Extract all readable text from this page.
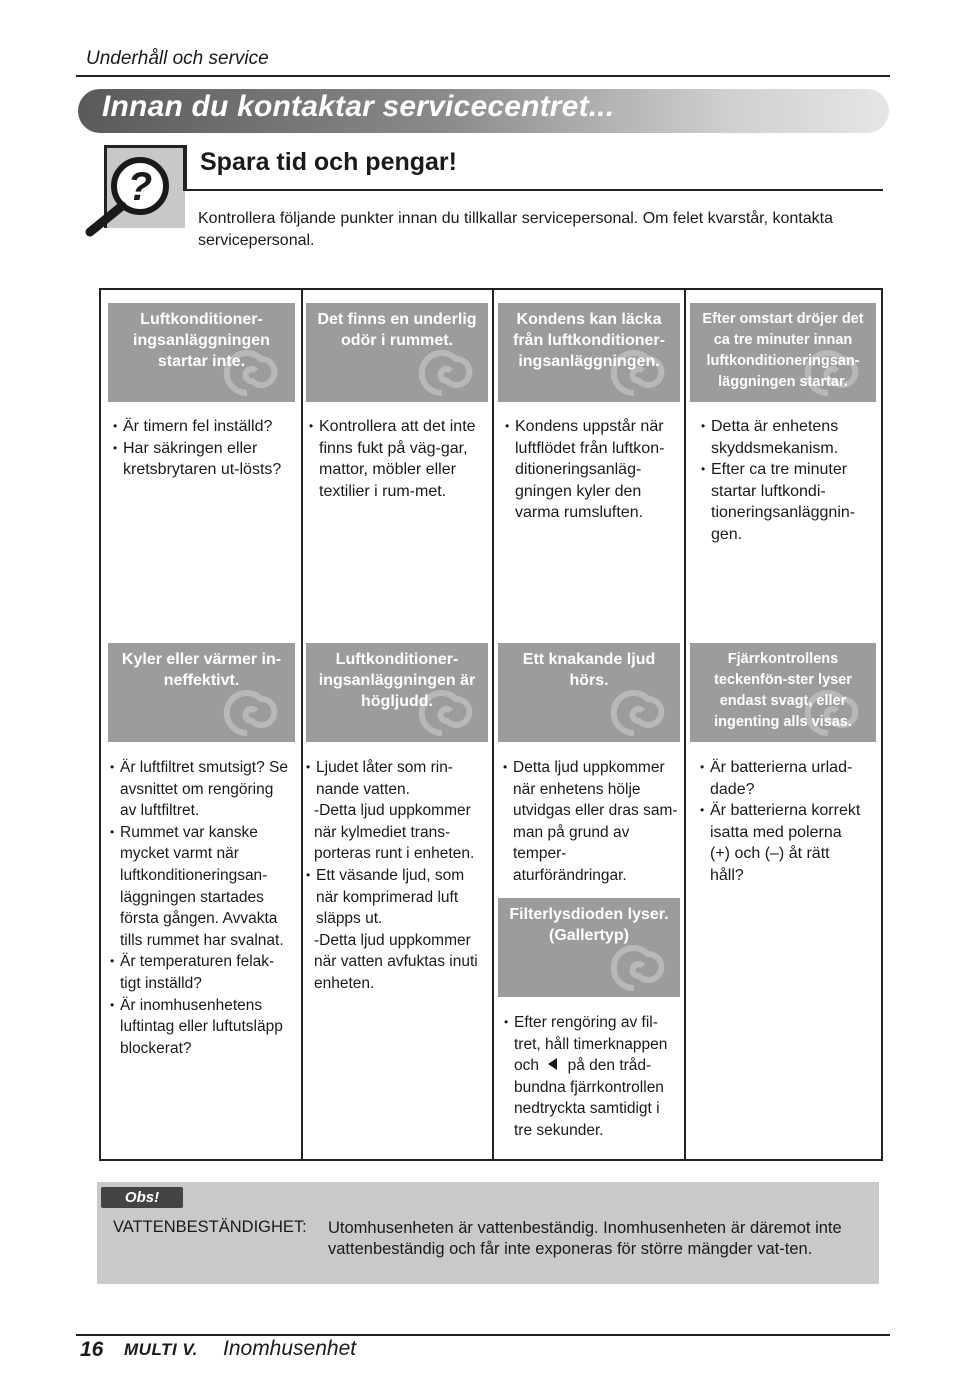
Underhåll och service
Innan du kontaktar servicecentret...
?
Spara tid och pengar!
Kontrollera följande punkter innan du tillkallar servicepersonal. Om felet kvarstår, kontakta servicepersonal.
Luftkonditioner-ingsanläggningen startar inte.
Det finns en underlig odör i rummet.
Kondens kan läcka från luftkonditioner-ingsanläggningen.
Efter omstart dröjer det ca tre minuter innan luftkonditioneringsan-läggningen startar.
• Är timern fel inställd?
• Har säkringen eller kretsbrytaren ut-lösts?
• Kontrollera att det inte finns fukt på väg-gar, mattor, möbler eller textilier i rum-met.
• Kondens uppstår när luftflödet från luftkon-ditioneringsanläg-gningen kyler den varma rumsluften.
• Detta är enhetens skyddsmekanism.
• Efter ca tre minuter startar luftkondi-tioneringsanläggnin-gen.
Kyler eller värmer in-neffektivt.
Luftkonditioner-ingsanläggningen är högljudd.
Ett knakande ljud hörs.
Fjärrkontrollens teckenfön-ster lyser endast svagt, eller ingenting alls visas.
• Är luftfiltret smutsigt? Se avsnittet om rengöring av luftfiltret.
• Rummet var kanske mycket varmt när luftkonditioneringsan-läggningen startades första gången. Avvakta tills rummet har svalnat.
• Är temperaturen felak-tigt inställd?
• Är inomhusenhetens luftintag eller luftutsläpp blockerat?
• Ljudet låter som rin-nande vatten.
-Detta ljud uppkommer när kylmediet trans-porteras runt i enheten.
• Ett väsande ljud, som när komprimerad luft släpps ut.
-Detta ljud uppkommer när vatten avfuktas inuti enheten.
• Detta ljud uppkommer när enhetens hölje utvidgas eller dras sam-man på grund av temper-aturförändringar.
• Är batterierna urlad-dade?
• Är batterierna korrekt isatta med polerna (+) och (–) åt rätt håll?
Filterlysdioden lyser. (Gallertyp)
• Efter rengöring av fil-tret, håll timerknappen och på den tråd-bundna fjärrkontrollen nedtryckta samtidigt i tre sekunder.
Obs!
VATTENBESTÄNDIGHET: Utomhusenheten är vattenbeständig. Inomhusenheten är däremot inte vattenbeständig och får inte exponeras för större mängder vat-ten.
16 MULTI V. Inomhusenhet
